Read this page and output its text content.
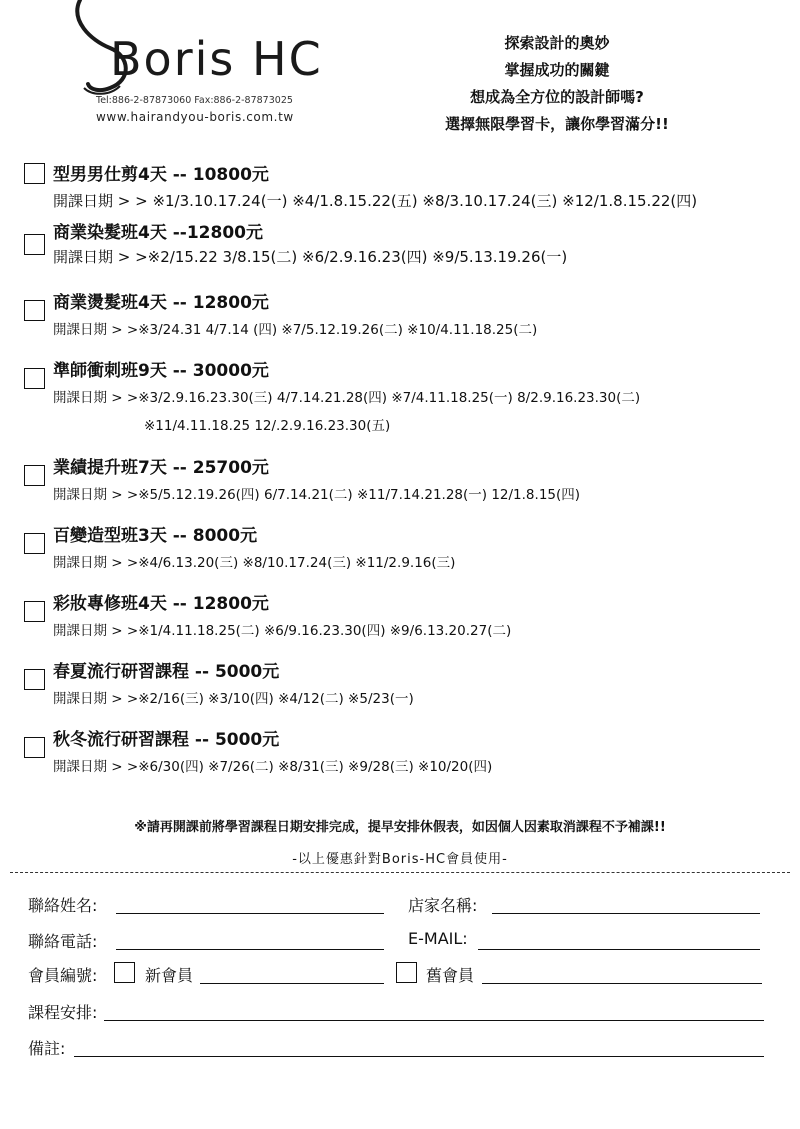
Boris HC
Tel:886-2-87873060 Fax:886-2-87873025
www.hairandyou-boris.com.tw
探索設計的奧妙
掌握成功的關鍵
想成為全方位的設計師嗎?
選擇無限學習卡，讓你學習滿分!!
型男男仕剪4天 -- 10800元
開課日期 > > ※1/3.10.17.24(一) ※4/1.8.15.22(五) ※8/3.10.17.24(三) ※12/1.8.15.22(四)
商業染髮班4天 --12800元
開課日期 > >※2/15.22 3/8.15(二) ※6/2.9.16.23(四) ※9/5.13.19.26(一)
商業燙髮班4天 -- 12800元
開課日期 > >※3/24.31 4/7.14 (四) ※7/5.12.19.26(二) ※10/4.11.18.25(二)
準師衝刺班9天 -- 30000元
開課日期 > >※3/2.9.16.23.30(三) 4/7.14.21.28(四) ※7/4.11.18.25(一) 8/2.9.16.23.30(二)
※11/4.11.18.25 12/.2.9.16.23.30(五)
業績提升班7天 -- 25700元
開課日期 > >※5/5.12.19.26(四) 6/7.14.21(二) ※11/7.14.21.28(一) 12/1.8.15(四)
百變造型班3天 -- 8000元
開課日期 > >※4/6.13.20(三) ※8/10.17.24(三) ※11/2.9.16(三)
彩妝專修班4天 -- 12800元
開課日期 > >※1/4.11.18.25(二) ※6/9.16.23.30(四) ※9/6.13.20.27(二)
春夏流行研習課程 -- 5000元
開課日期 > >※2/16(三) ※3/10(四) ※4/12(二) ※5/23(一)
秋冬流行研習課程 -- 5000元
開課日期 > >※6/30(四) ※7/26(二) ※8/31(三) ※9/28(三) ※10/20(四)
※請再開課前將學習課程日期安排完成，提早安排休假表，如因個人因素取消課程不予補課!!
-以上優惠針對Boris-HC會員使用-
聯絡姓名:	店家名稱:
聯絡電話:	E-MAIL:
會員編號:	新會員	舊會員
課程安排:
備註:
